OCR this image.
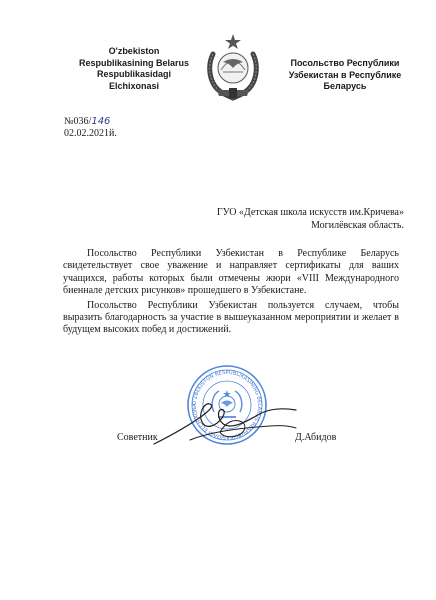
O'zbekiston
Respublikasining Belarus
Respublikasidagi
Elchixonasi
Посольство Республики
Узбекистан в Республике
Беларусь
№036/146
02.02.2021й.
ГУО «Детская школа искусств им.Кричева»
Могилёвская область.

Посольство Республики Узбекистан в Республике Беларусь свидетельствует свое уважение и направляет сертификаты для ваших учащихся, работы которых были отмечены жюри «VIII Международного биеннале детских рисунков» прошедшего в Узбекистане.

Посольство Республики Узбекистан пользуется случаем, чтобы выразить благодарность за участие в вышеуказанном мероприятии и желает в будущем высоких побед и достижений.

O'ZBEKISTON RESPUBLIKASINING BELARUS RESPUBLIKASIDAGI ELCHIXONA
Советник	Д.Абидов
